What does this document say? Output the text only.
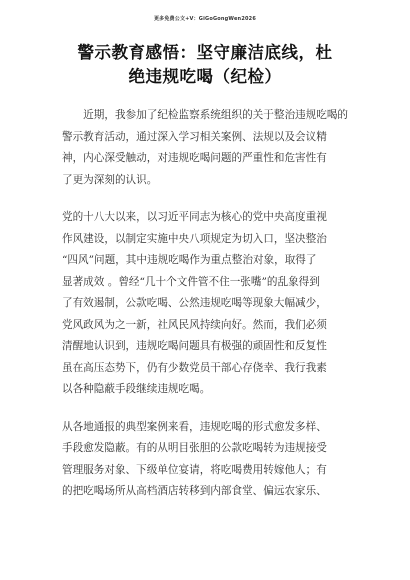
更多免费公文+V：GiGoGongWen2026
警示教育感悟：坚守廉洁底线，杜
绝违规吃喝（纪检）
　　近期，我参加了纪检监察系统组织的关于整治违规吃喝的
警示教育活动，通过深入学习相关案例、法规以及会议精
神，内心深受触动，对违规吃喝问题的严重性和危害性有
了更为深刻的认识。
党的十八大以来，以习近平同志为核心的党中央高度重视
作风建设，以制定实施中央八项规定为切入口，坚决整治
“四风”问题，其中违规吃喝作为重点整治对象，取得了
显著成效 。曾经“几十个文件管不住一张嘴”的乱象得到
了有效遏制，公款吃喝、公然违规吃喝等现象大幅减少，
党风政风为之一新，社风民风持续向好。然而，我们必须
清醒地认识到，违规吃喝问题具有极强的顽固性和反复性
虽在高压态势下，仍有少数党员干部心存侥幸、我行我素
以各种隐蔽手段继续违规吃喝。
从各地通报的典型案例来看，违规吃喝的形式愈发多样、
手段愈发隐蔽。有的从明目张胆的公款吃喝转为违规接受
管理服务对象、下级单位宴请，将吃喝费用转嫁他人；有
的把吃喝场所从高档酒店转移到内部食堂、偏远农家乐、
